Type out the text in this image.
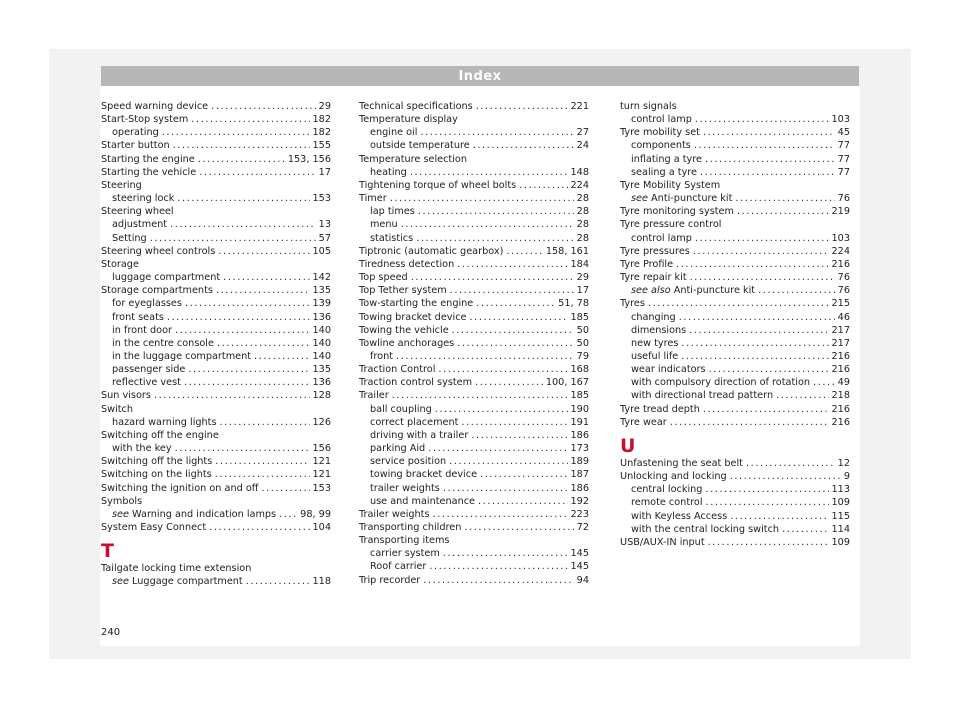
Index
Speed warning device .....	29
Start-Stop system .....	182
operating .....	182
Starter button .....	155
Starting the engine .....	153, 156
Starting the vehicle .....	17
Steering
steering lock .....	153
Steering wheel
adjustment .....	13
Setting .....	57
Steering wheel controls .....	105
Storage
luggage compartment .....	142
Storage compartments .....	135
for eyeglasses .....	139
front seats .....	136
in front door .....	140
in the centre console .....	140
in the luggage compartment .....	140
passenger side .....	135
reflective vest .....	136
Sun visors .....	128
Switch
hazard warning lights .....	126
Switching off the engine
with the key .....	156
Switching off the lights .....	121
Switching on the lights .....	121
Switching the ignition on and off .....	153
Symbols
see Warning and indication lamps ..... 98, 99
System Easy Connect .....	104
T
Tailgate locking time extension
see Luggage compartment .....	118
Technical specifications .....	221
Temperature display
engine oil .....	27
outside temperature .....	24
Temperature selection
heating .....	148
Tightening torque of wheel bolts .....	224
Timer .....	28
lap times .....	28
menu .....	28
statistics .....	28
Tiptronic (automatic gearbox) .....	158, 161
Tiredness detection .....	184
Top speed .....	29
Top Tether system .....	17
Tow-starting the engine .....	51, 78
Towing bracket device .....	185
Towing the vehicle .....	50
Towline anchorages .....	50
front .....	79
Traction Control .....	168
Traction control system .....	100, 167
Trailer .....	185
ball coupling .....	190
correct placement .....	191
driving with a trailer .....	186
parking Aid .....	173
service position .....	189
towing bracket device .....	187
trailer weights .....	186
use and maintenance .....	192
Trailer weights .....	223
Transporting children .....	72
Transporting items
carrier system .....	145
Roof carrier .....	145
Trip recorder .....	94
turn signals
control lamp .....	103
Tyre mobility set .....	45
components .....	77
inflating a tyre .....	77
sealing a tyre .....	77
Tyre Mobility System
see Anti-puncture kit .....	76
Tyre monitoring system .....	219
Tyre pressure control
control lamp .....	103
Tyre pressures .....	224
Tyre Profile .....	216
Tyre repair kit .....	76
see also Anti-puncture kit .....	76
Tyres .....	215
changing .....	46
dimensions .....	217
new tyres .....	217
useful life .....	216
wear indicators .....	216
with compulsory direction of rotation .....	49
with directional tread pattern .....	218
Tyre tread depth .....	216
Tyre wear .....	216
U
Unfastening the seat belt .....	12
Unlocking and locking .....	9
central locking .....	113
remote control .....	109
with Keyless Access .....	115
with the central locking switch .....	114
USB/AUX-IN input .....	109
240
